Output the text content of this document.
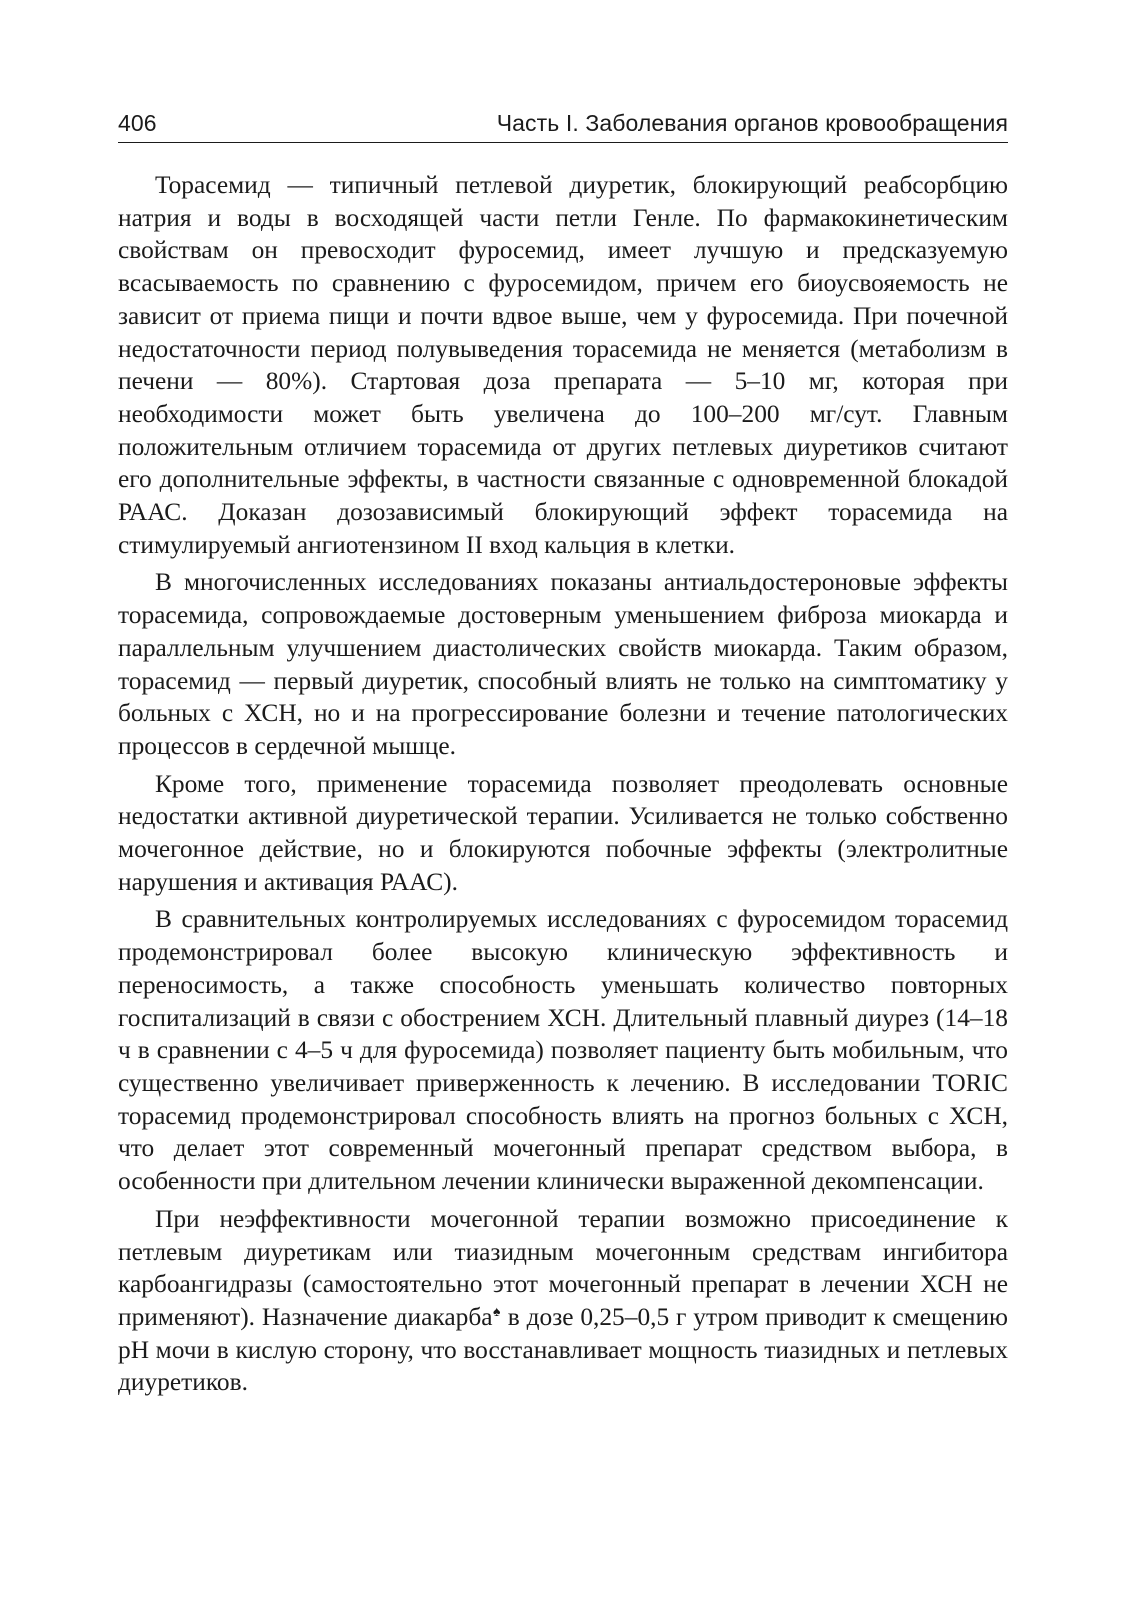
406	Часть I. Заболевания органов кровообращения

Торасемид — типичный петлевой диуретик, блокирующий реабсорбцию натрия и воды в восходящей части петли Генле. По фармакокинетическим свойствам он превосходит фуросемид, имеет лучшую и предсказуемую всасываемость по сравнению с фуросемидом, причем его биоусвояемость не зависит от приема пищи и почти вдвое выше, чем у фуросемида. При почечной недостаточности период полувыведения торасемида не меняется (метаболизм в печени — 80%). Стартовая доза препарата — 5–10 мг, которая при необходимости может быть увеличена до 100–200 мг/сут. Главным положительным отличием торасемида от других петлевых диуретиков считают его дополнительные эффекты, в частности связанные с одновременной блокадой РААС. Доказан дозозависимый блокирующий эффект торасемида на стимулируемый ангиотензином II вход кальция в клетки.

В многочисленных исследованиях показаны антиальдостероновые эффекты торасемида, сопровождаемые достоверным уменьшением фиброза миокарда и параллельным улучшением диастолических свойств миокарда. Таким образом, торасемид — первый диуретик, способный влиять не только на симптоматику у больных с ХСН, но и на прогрессирование болезни и течение патологических процессов в сердечной мышце.

Кроме того, применение торасемида позволяет преодолевать основные недостатки активной диуретической терапии. Усиливается не только собственно мочегонное действие, но и блокируются побочные эффекты (электролитные нарушения и активация РААС).

В сравнительных контролируемых исследованиях с фуросемидом торасемид продемонстрировал более высокую клиническую эффективность и переносимость, а также способность уменьшать количество повторных госпитализаций в связи с обострением ХСН. Длительный плавный диурез (14–18 ч в сравнении с 4–5 ч для фуросемида) позволяет пациенту быть мобильным, что существенно увеличивает приверженность к лечению. В исследовании TORIC торасемид продемонстрировал способность влиять на прогноз больных с ХСН, что делает этот современный мочегонный препарат средством выбора, в особенности при длительном лечении клинически выраженной декомпенсации.

При неэффективности мочегонной терапии возможно присоединение к петлевым диуретикам или тиазидным мочегонным средствам ингибитора карбоангидразы (самостоятельно этот мочегонный препарат в лечении ХСН не применяют). Назначение диакарба♠ в дозе 0,25–0,5 г утром приводит к смещению pH мочи в кислую сторону, что восстанавливает мощность тиазидных и петлевых диуретиков.
